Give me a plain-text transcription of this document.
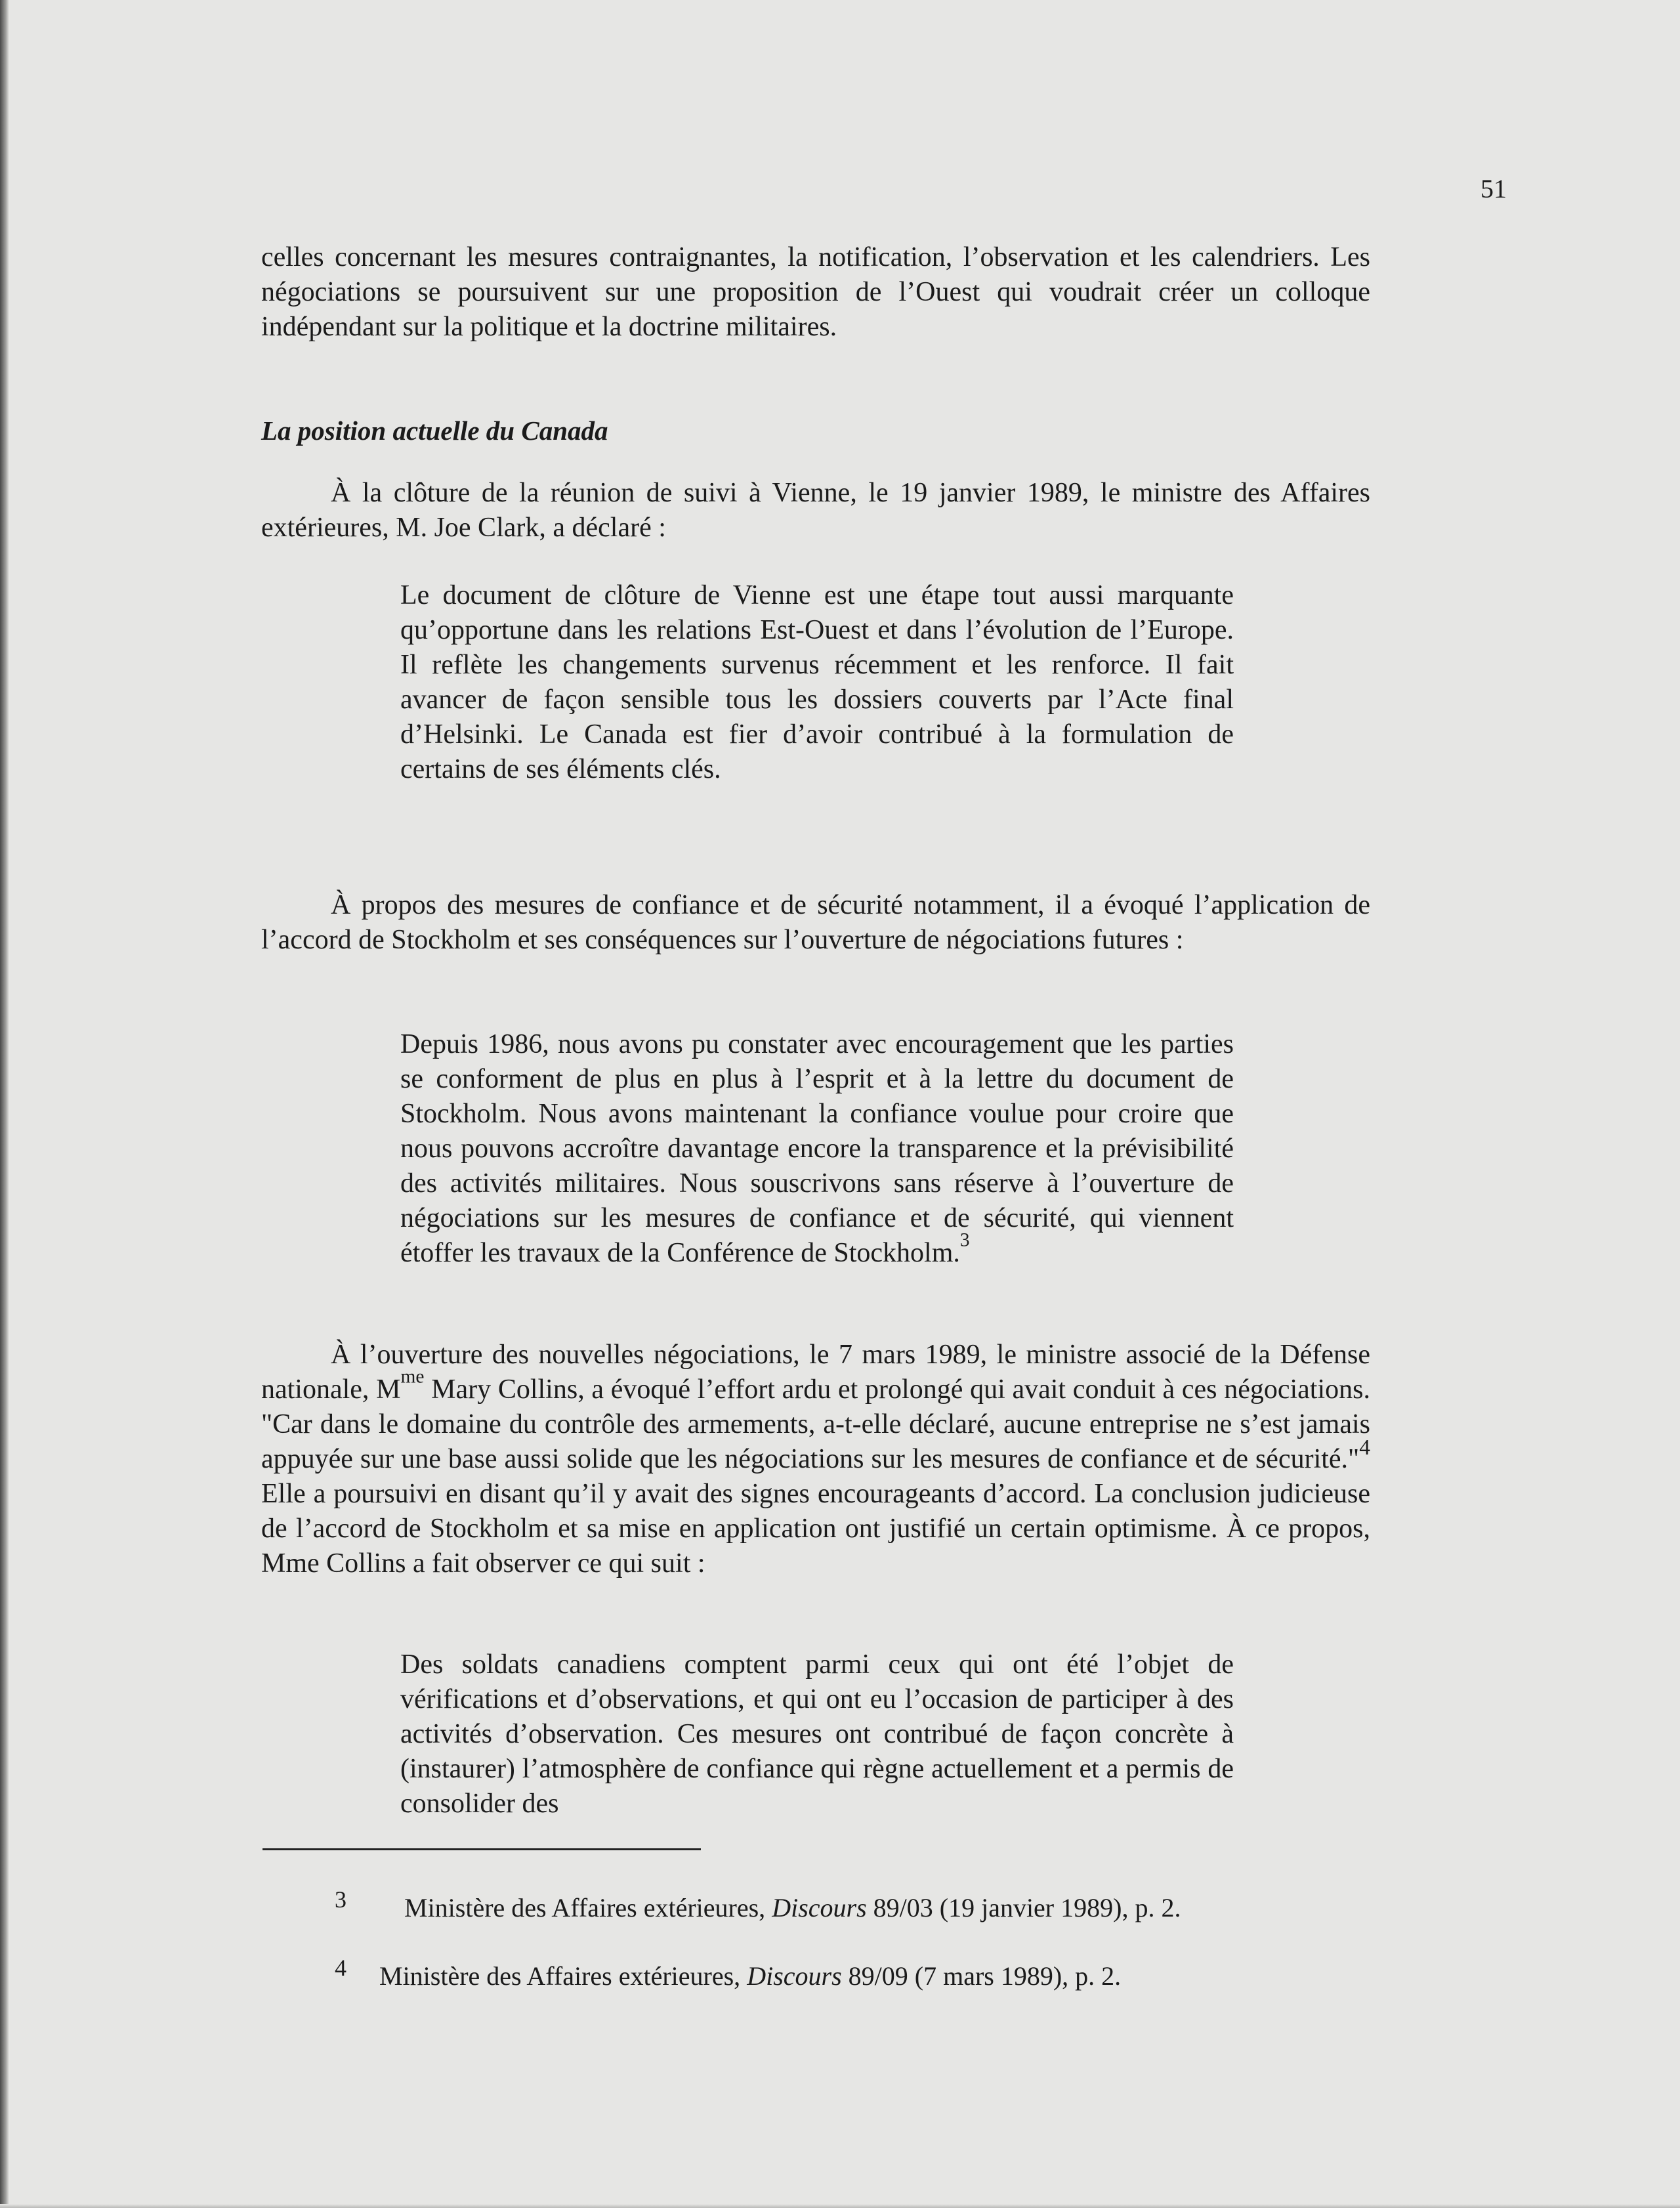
51

celles concernant les mesures contraignantes, la notification, l’observation et les calendriers. Les négociations se poursuivent sur une proposition de l’Ouest qui voudrait créer un colloque indépendant sur la politique et la doctrine militaires.

La position actuelle du Canada

À la clôture de la réunion de suivi à Vienne, le 19 janvier 1989, le ministre des Affaires extérieures, M. Joe Clark, a déclaré :

Le document de clôture de Vienne est une étape tout aussi marquante qu’opportune dans les relations Est-Ouest et dans l’évolution de l’Europe. Il reflète les changements survenus récemment et les renforce. Il fait avancer de façon sensible tous les dossiers couverts par l’Acte final d’Helsinki. Le Canada est fier d’avoir contribué à la formulation de certains de ses éléments clés.

À propos des mesures de confiance et de sécurité notamment, il a évoqué l’application de l’accord de Stockholm et ses conséquences sur l’ouverture de négociations futures :

Depuis 1986, nous avons pu constater avec encouragement que les parties se conforment de plus en plus à l’esprit et à la lettre du document de Stockholm. Nous avons maintenant la confiance voulue pour croire que nous pouvons accroître davantage encore la transparence et la prévisibilité des activités militaires. Nous souscrivons sans réserve à l’ouverture de négociations sur les mesures de confiance et de sécurité, qui viennent étoffer les travaux de la Conférence de Stockholm.$^3$

À l’ouverture des nouvelles négociations, le 7 mars 1989, le ministre associé de la Défense nationale, $M^{me}$ Mary Collins, a évoqué l’effort ardu et prolongé qui avait conduit à ces négociations. "Car dans le domaine du contrôle des armements, a-t-elle déclaré, aucune entreprise ne s’est jamais appuyée sur une base aussi solide que les négociations sur les mesures de confiance et de sécurité."$^4$ Elle a poursuivi en disant qu’il y avait des signes encourageants d’accord. La conclusion judicieuse de l’accord de Stockholm et sa mise en application ont justifié un certain optimisme. À ce propos, Mme Collins a fait observer ce qui suit :

Des soldats canadiens comptent parmi ceux qui ont été l’objet de vérifications et d’observations, et qui ont eu l’occasion de participer à des activités d’observation. Ces mesures ont contribué de façon concrète à (instaurer) l’atmosphère de confiance qui règne actuellement et a permis de consolider des

3 Ministère des Affaires extérieures, Discours 89/03 (19 janvier 1989), p. 2.
4 Ministère des Affaires extérieures, Discours 89/09 (7 mars 1989), p. 2.
